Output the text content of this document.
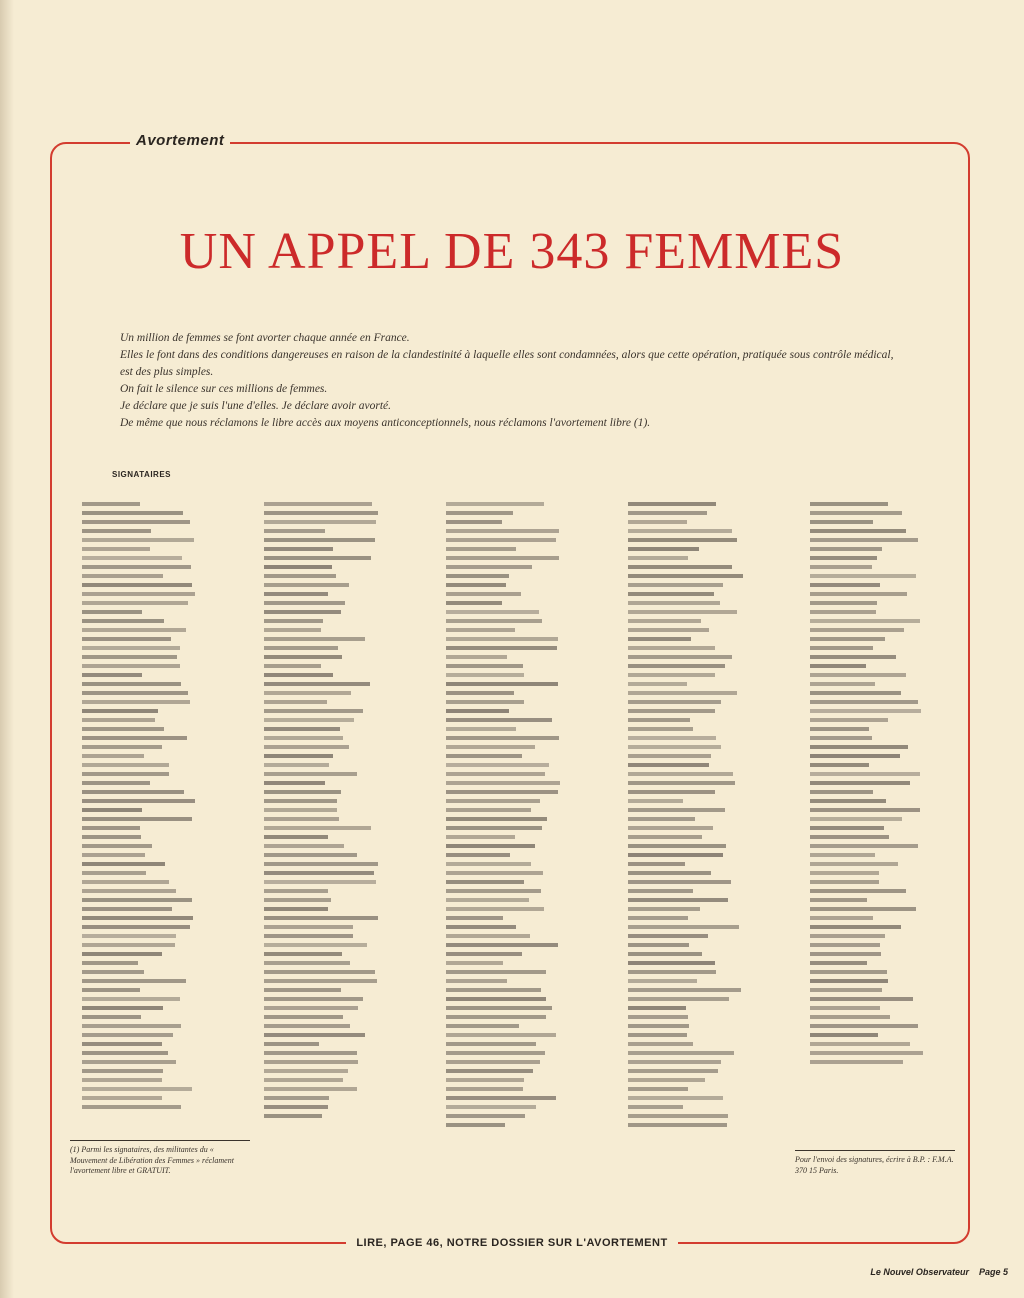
Avortement
UN APPEL DE 343 FEMMES

Un million de femmes se font avorter chaque année en France.

Elles le font dans des conditions dangereuses en raison de la clandestinité à laquelle elles sont condamnées, alors que cette opération, pratiquée sous contrôle médical, est des plus simples.

On fait le silence sur ces millions de femmes.

Je déclare que je suis l'une d'elles. Je déclare avoir avorté.

De même que nous réclamons le libre accès aux moyens anticonceptionnels, nous réclamons l'avortement libre (1).

SIGNATAIRES
(1) Parmi les signataires, des militantes du « Mouvement de Libération des Femmes » réclament l'avortement libre et GRATUIT.
Pour l'envoi des signatures, écrire à B.P. : F.M.A. 370 15 Paris.
LIRE, PAGE 46, NOTRE DOSSIER SUR L'AVORTEMENT
Le Nouvel Observateur Page 5
